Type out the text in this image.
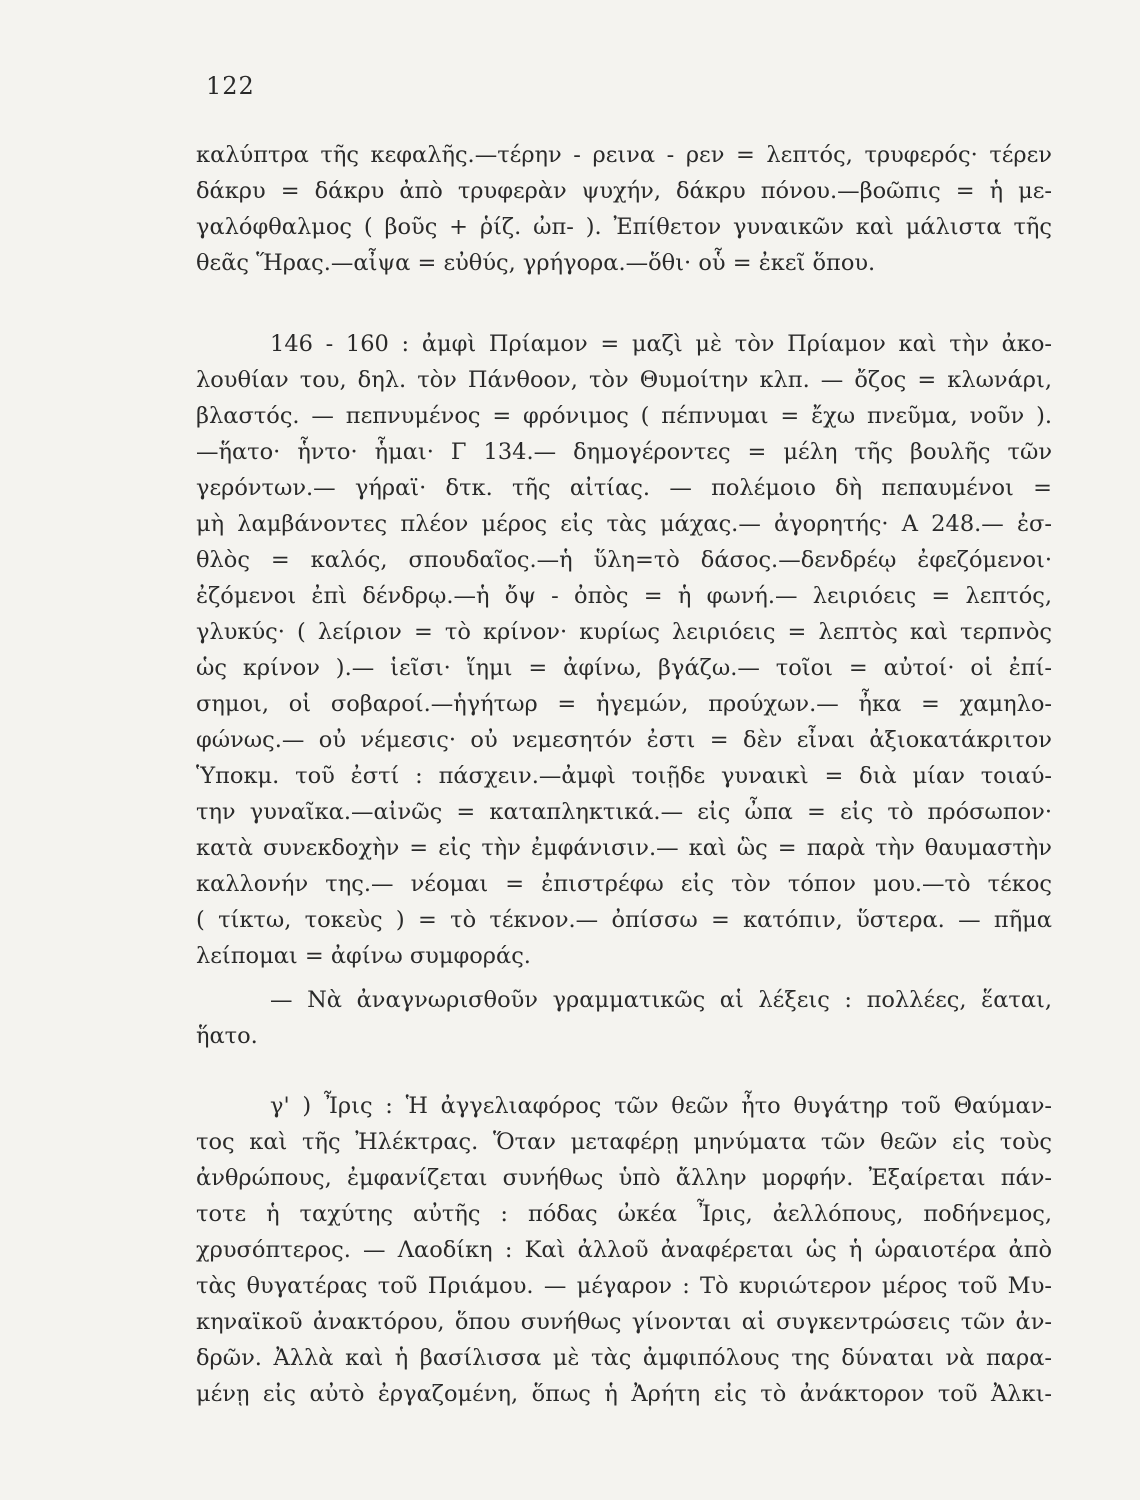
122
καλύπτρα τῆς κεφαλῆς.—τέρην - ρεινα - ρεν = λεπτός, τρυφερός· τέρεν
δάκρυ = δάκρυ ἀπὸ τρυφερὰν ψυχήν, δάκρυ πόνου.—βοῶπις = ἡ με-
γαλόφθαλμος ( βοῦς + ῥίζ. ὠπ- ). Ἐπίθετον γυναικῶν καὶ μάλιστα τῆς
θεᾶς Ἥρας.—αἶψα = εὐθύς, γρήγορα.—ὅθι· οὗ = ἐκεῖ ὅπου.
146 - 160 : ἀμφὶ Πρίαμον = μαζὶ μὲ τὸν Πρίαμον καὶ τὴν ἀκο-
λουθίαν του, δηλ. τὸν Πάνθοον, τὸν Θυμοίτην κλπ. — ὄζος = κλωνάρι,
βλαστός. — πεπνυμένος = φρόνιμος ( πέπνυμαι = ἔχω πνεῦμα, νοῦν ).
—ἥατο· ἧντο· ἧμαι· Γ 134.— δημογέροντες = μέλη τῆς βουλῆς τῶν
γερόντων.— γήραϊ· δτκ. τῆς αἰτίας. — πολέμοιο δὴ πεπαυμένοι =
μὴ λαμβάνοντες πλέον μέρος εἰς τὰς μάχας.— ἀγορητής· Α 248.— ἐσ-
θλὸς = καλός, σπουδαῖος.—ἡ ὕλη=τὸ δάσος.—δενδρέῳ ἐφεζόμενοι·
ἐζόμενοι ἐπὶ δένδρῳ.—ἡ ὄψ - ὀπὸς = ἡ φωνή.— λειριόεις = λεπτός,
γλυκύς· ( λείριον = τὸ κρίνον· κυρίως λειριόεις = λεπτὸς καὶ τερπνὸς
ὡς κρίνον ).— ἱεῖσι· ἵημι = ἀφίνω, βγάζω.— τοῖοι = αὐτοί· οἱ ἐπί-
σημοι, οἱ σοβαροί.—ἡγήτωρ = ἡγεμών, προύχων.— ἦκα = χαμηλο-
φώνως.— οὐ νέμεσις· οὐ νεμεσητόν ἐστι = δὲν εἶναι ἀξιοκατάκριτον
Ὑποκμ. τοῦ ἐστί : πάσχειν.—ἀμφὶ τοιῇδε γυναικὶ = διὰ μίαν τοιαύ-
την γυναῖκα.—αἰνῶς = καταπληκτικά.— εἰς ὦπα = εἰς τὸ πρόσωπον·
κατὰ συνεκδοχὴν = εἰς τὴν ἐμφάνισιν.— καὶ ὣς = παρὰ τὴν θαυμαστὴν
καλλονήν της.— νέομαι = ἐπιστρέφω εἰς τὸν τόπον μου.—τὸ τέκος
( τίκτω, τοκεὺς ) = τὸ τέκνον.— ὀπίσσω = κατόπιν, ὕστερα. — πῆμα
λείπομαι = ἀφίνω συμφοράς.
— Νὰ ἀναγνωρισθοῦν γραμματικῶς αἱ λέξεις : πολλέες, ἕαται,
ἥατο.
γ' ) Ἶρις : Ἡ ἀγγελιαφόρος τῶν θεῶν ἦτο θυγάτηρ τοῦ Θαύμαν-
τος καὶ τῆς Ἠλέκτρας. Ὅταν μεταφέρῃ μηνύματα τῶν θεῶν εἰς τοὺς
ἀνθρώπους, ἐμφανίζεται συνήθως ὑπὸ ἄλλην μορφήν. Ἐξαίρεται πάν-
τοτε ἡ ταχύτης αὐτῆς : πόδας ὠκέα Ἶρις, ἀελλόπους, ποδήνεμος,
χρυσόπτερος. — Λαοδίκη : Καὶ ἀλλοῦ ἀναφέρεται ὡς ἡ ὡραιοτέρα ἀπὸ
τὰς θυγατέρας τοῦ Πριάμου. — μέγαρον : Τὸ κυριώτερον μέρος τοῦ Μυ-
κηναϊκοῦ ἀνακτόρου, ὅπου συνήθως γίνονται αἱ συγκεντρώσεις τῶν ἀν-
δρῶν. Ἀλλὰ καὶ ἡ βασίλισσα μὲ τὰς ἀμφιπόλους της δύναται νὰ παρα-
μένῃ εἰς αὐτὸ ἐργαζομένη, ὅπως ἡ Ἀρήτη εἰς τὸ ἀνάκτορον τοῦ Ἀλκι-
